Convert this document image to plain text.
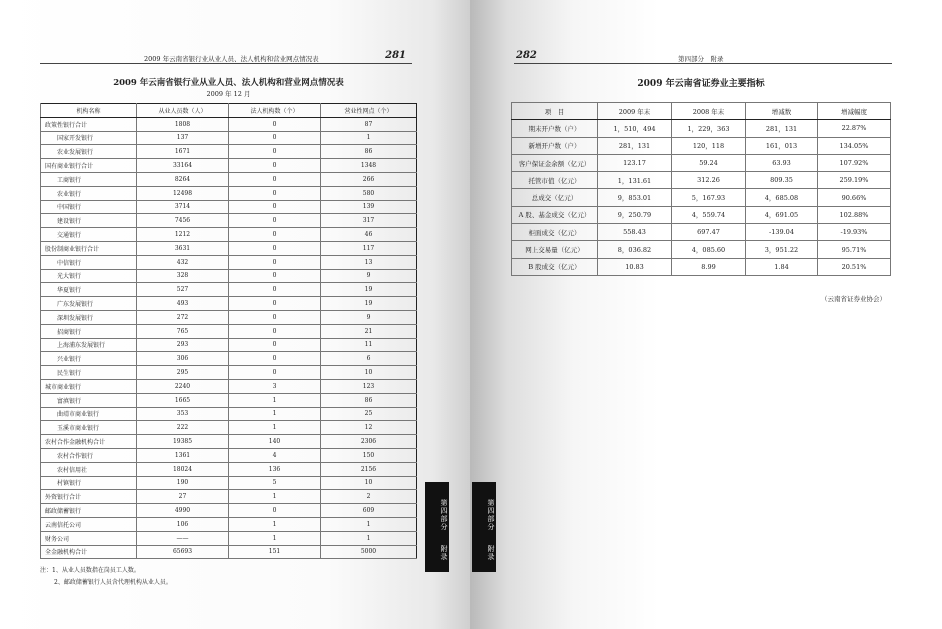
2009 年云南省银行业从业人员、法人机构和营业网点情况表	281
2009 年云南省银行业从业人员、法人机构和营业网点情况表
2009 年 12 月
机构名称	从业人员数（人）	法人机构数（个）	营业性网点（个）
政策性银行合计	1808	0	87
国家开发银行	137	0	1
农业发展银行	1671	0	86
国有商业银行合计	33164	0	1348
工商银行	8264	0	266
农业银行	12498	0	580
中国银行	3714	0	139
建设银行	7456	0	317
交通银行	1212	0	46
股份制商业银行合计	3631	0	117
中信银行	432	0	13
光大银行	328	0	9
华夏银行	527	0	19
广东发展银行	493	0	19
深圳发展银行	272	0	9
招商银行	765	0	21
上海浦东发展银行	293	0	11
兴业银行	306	0	6
民生银行	295	0	10
城市商业银行	2240	3	123
富滇银行	1665	1	86
曲靖市商业银行	353	1	25
玉溪市商业银行	222	1	12
农村合作金融机构合计	19385	140	2306
农村合作银行	1361	4	150
农村信用社	18024	136	2156
村镇银行	190	5	10
外资银行合计	27	1	2
邮政储蓄银行	4990	0	609
云南信托公司	106	1	1
财务公司	——	1	1
全金融机构合计	65693	151	5000
注：1、从业人员数指在岗员工人数。
2、邮政储蓄银行人员含代理机构从业人员。
第四部分
附录
282	第四部分　附录
2009 年云南省证券业主要指标
项　目	2009 年末	2008 年末	增减数	增减幅度
期末开户数（户）	1，510，494	1，229，363	281，131	22.87%
新增开户数（户）	281，131	120，118	161，013	134.05%
客户保证金余额（亿元）	123.17	59.24	63.93	107.92%
托管市值（亿元）	1，131.61	312.26	809.35	259.19%
总成交（亿元）	9，853.01	5，167.93	4，685.08	90.66%
A 股、基金成交（亿元）	9，250.79	4，559.74	4，691.05	102.88%
柜面成交（亿元）	558.43	697.47	-139.04	-19.93%
网上交易量（亿元）	8，036.82	4，085.60	3，951.22	95.71%
B 股成交（亿元）	10.83	8.99	1.84	20.51%
（云南省证券业协会）
第四部分
附录
